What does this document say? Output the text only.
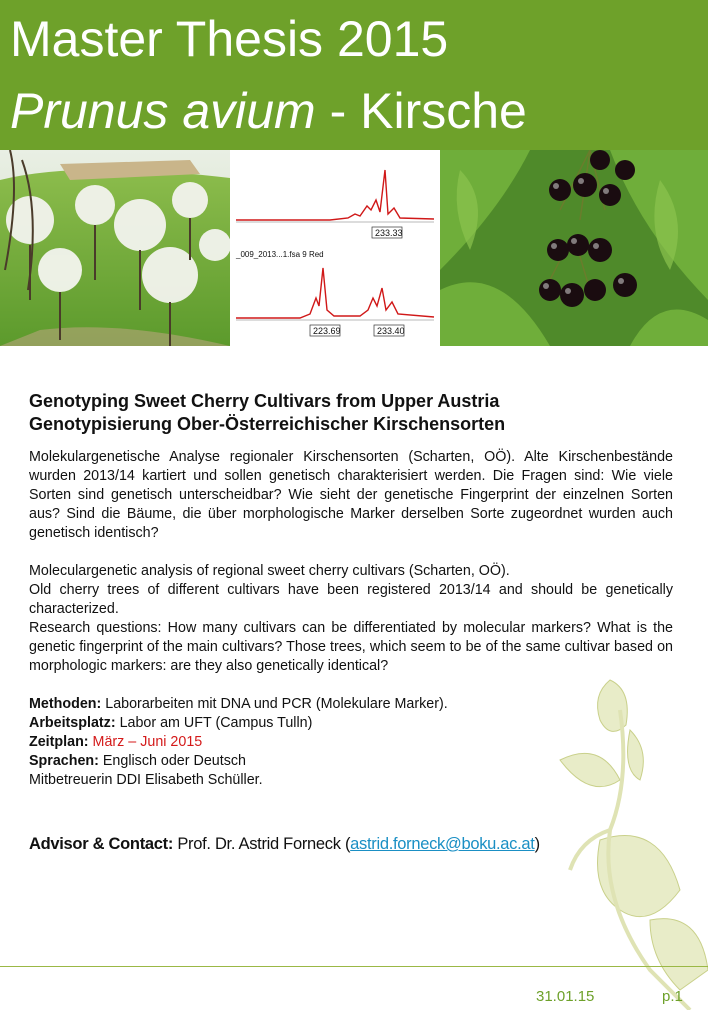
Master Thesis 2015
Prunus avium - Kirsche
233.33
223.69	233.40
_009_2013...1.fsa 9 Red
Genotyping Sweet Cherry Cultivars from Upper Austria
Genotypisierung Ober-Österreichischer Kirschensorten

Molekulargenetische Analyse regionaler Kirschensorten (Scharten, OÖ). Alte Kirschenbestände wurden 2013/14 kartiert und sollen genetisch charakterisiert werden. Die Fragen sind: Wie viele Sorten sind genetisch unterscheidbar? Wie sieht der genetische Fingerprint der einzelnen Sorten aus? Sind die Bäume, die über morphologische Marker derselben Sorte zugeordnet wurden auch genetisch identisch?

Moleculargenetic analysis of regional sweet cherry cultivars (Scharten, OÖ).

Old cherry trees of different cultivars have been registered 2013/14 and should be genetically characterized.

Research questions: How many cultivars can be differentiated by molecular markers? What is the genetic fingerprint of the main cultivars? Those trees, which seem to be of the same cultivar based on morphologic markers: are they also genetically identical?

Methoden: Laborarbeiten mit DNA und PCR (Molekulare Marker).

Arbeitsplatz: Labor am UFT (Campus Tulln)

Zeitplan: März – Juni 2015

Sprachen: Englisch oder Deutsch

Mitbetreuerin DDI Elisabeth Schüller.

Advisor & Contact: Prof. Dr. Astrid Forneck (astrid.forneck@boku.ac.at)
31.01.15	p.1
